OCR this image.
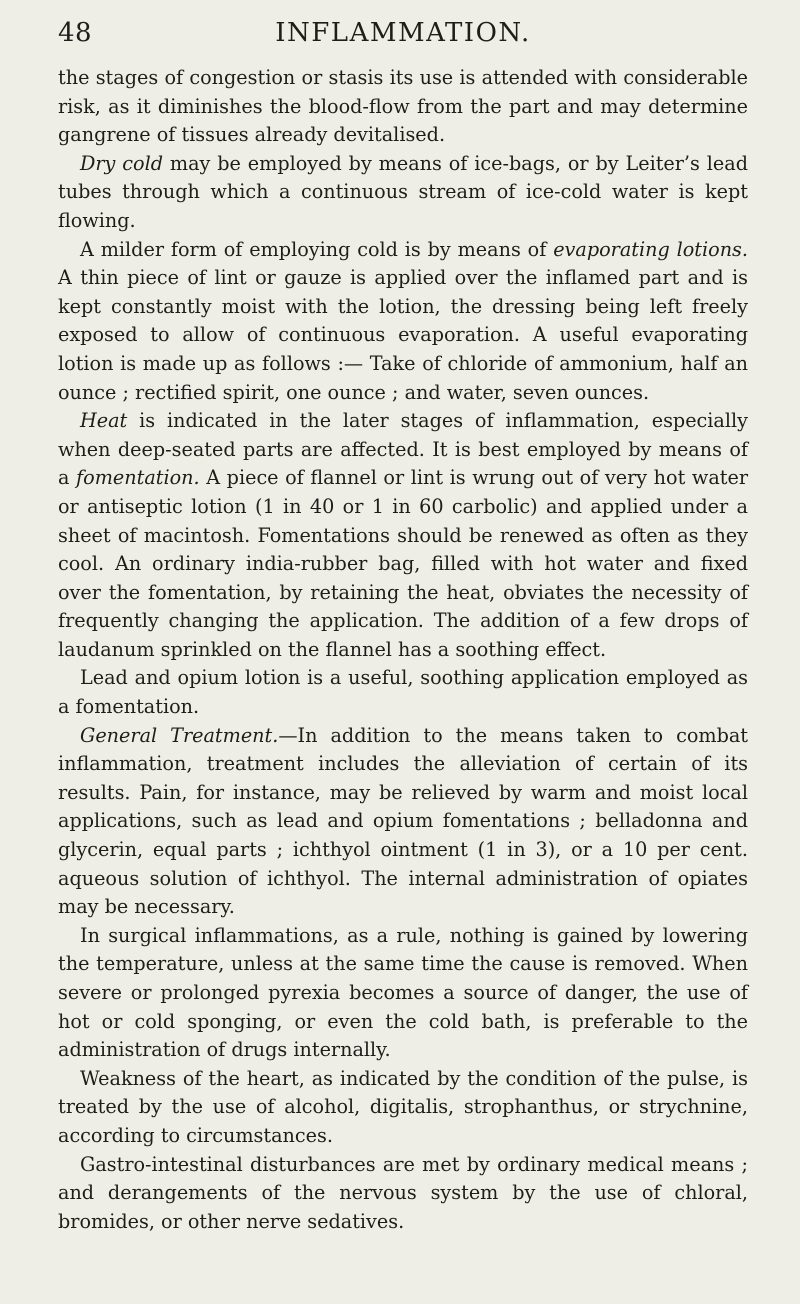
48	INFLAMMATION.

the stages of congestion or stasis its use is attended with considerable risk, as it diminishes the blood-flow from the part and may determine gangrene of tissues already devitalised.

Dry cold may be employed by means of ice-bags, or by Leiter’s lead tubes through which a continuous stream of ice-cold water is kept flowing.

A milder form of employing cold is by means of evaporating lotions. A thin piece of lint or gauze is applied over the inflamed part and is kept constantly moist with the lotion, the dressing being left freely exposed to allow of continuous evaporation. A useful evaporating lotion is made up as follows :— Take of chloride of ammonium, half an ounce ; rectified spirit, one ounce ; and water, seven ounces.

Heat is indicated in the later stages of inflammation, especially when deep-seated parts are affected. It is best employed by means of a fomentation. A piece of flannel or lint is wrung out of very hot water or antiseptic lotion (1 in 40 or 1 in 60 carbolic) and applied under a sheet of macintosh. Fomentations should be renewed as often as they cool. An ordinary india-rubber bag, filled with hot water and fixed over the fomentation, by retaining the heat, obviates the necessity of frequently changing the application. The addition of a few drops of laudanum sprinkled on the flannel has a soothing effect.

Lead and opium lotion is a useful, soothing application employed as a fomentation.

General Treatment.—In addition to the means taken to combat inflammation, treatment includes the alleviation of certain of its results. Pain, for instance, may be relieved by warm and moist local applications, such as lead and opium fomentations ; belladonna and glycerin, equal parts ; ichthyol ointment (1 in 3), or a 10 per cent. aqueous solution of ichthyol. The internal administration of opiates may be necessary.

In surgical inflammations, as a rule, nothing is gained by lowering the temperature, unless at the same time the cause is removed. When severe or prolonged pyrexia becomes a source of danger, the use of hot or cold sponging, or even the cold bath, is preferable to the administration of drugs internally.

Weakness of the heart, as indicated by the condition of the pulse, is treated by the use of alcohol, digitalis, strophanthus, or strychnine, according to circumstances.

Gastro-intestinal disturbances are met by ordinary medical means ; and derangements of the nervous system by the use of chloral, bromides, or other nerve sedatives.
